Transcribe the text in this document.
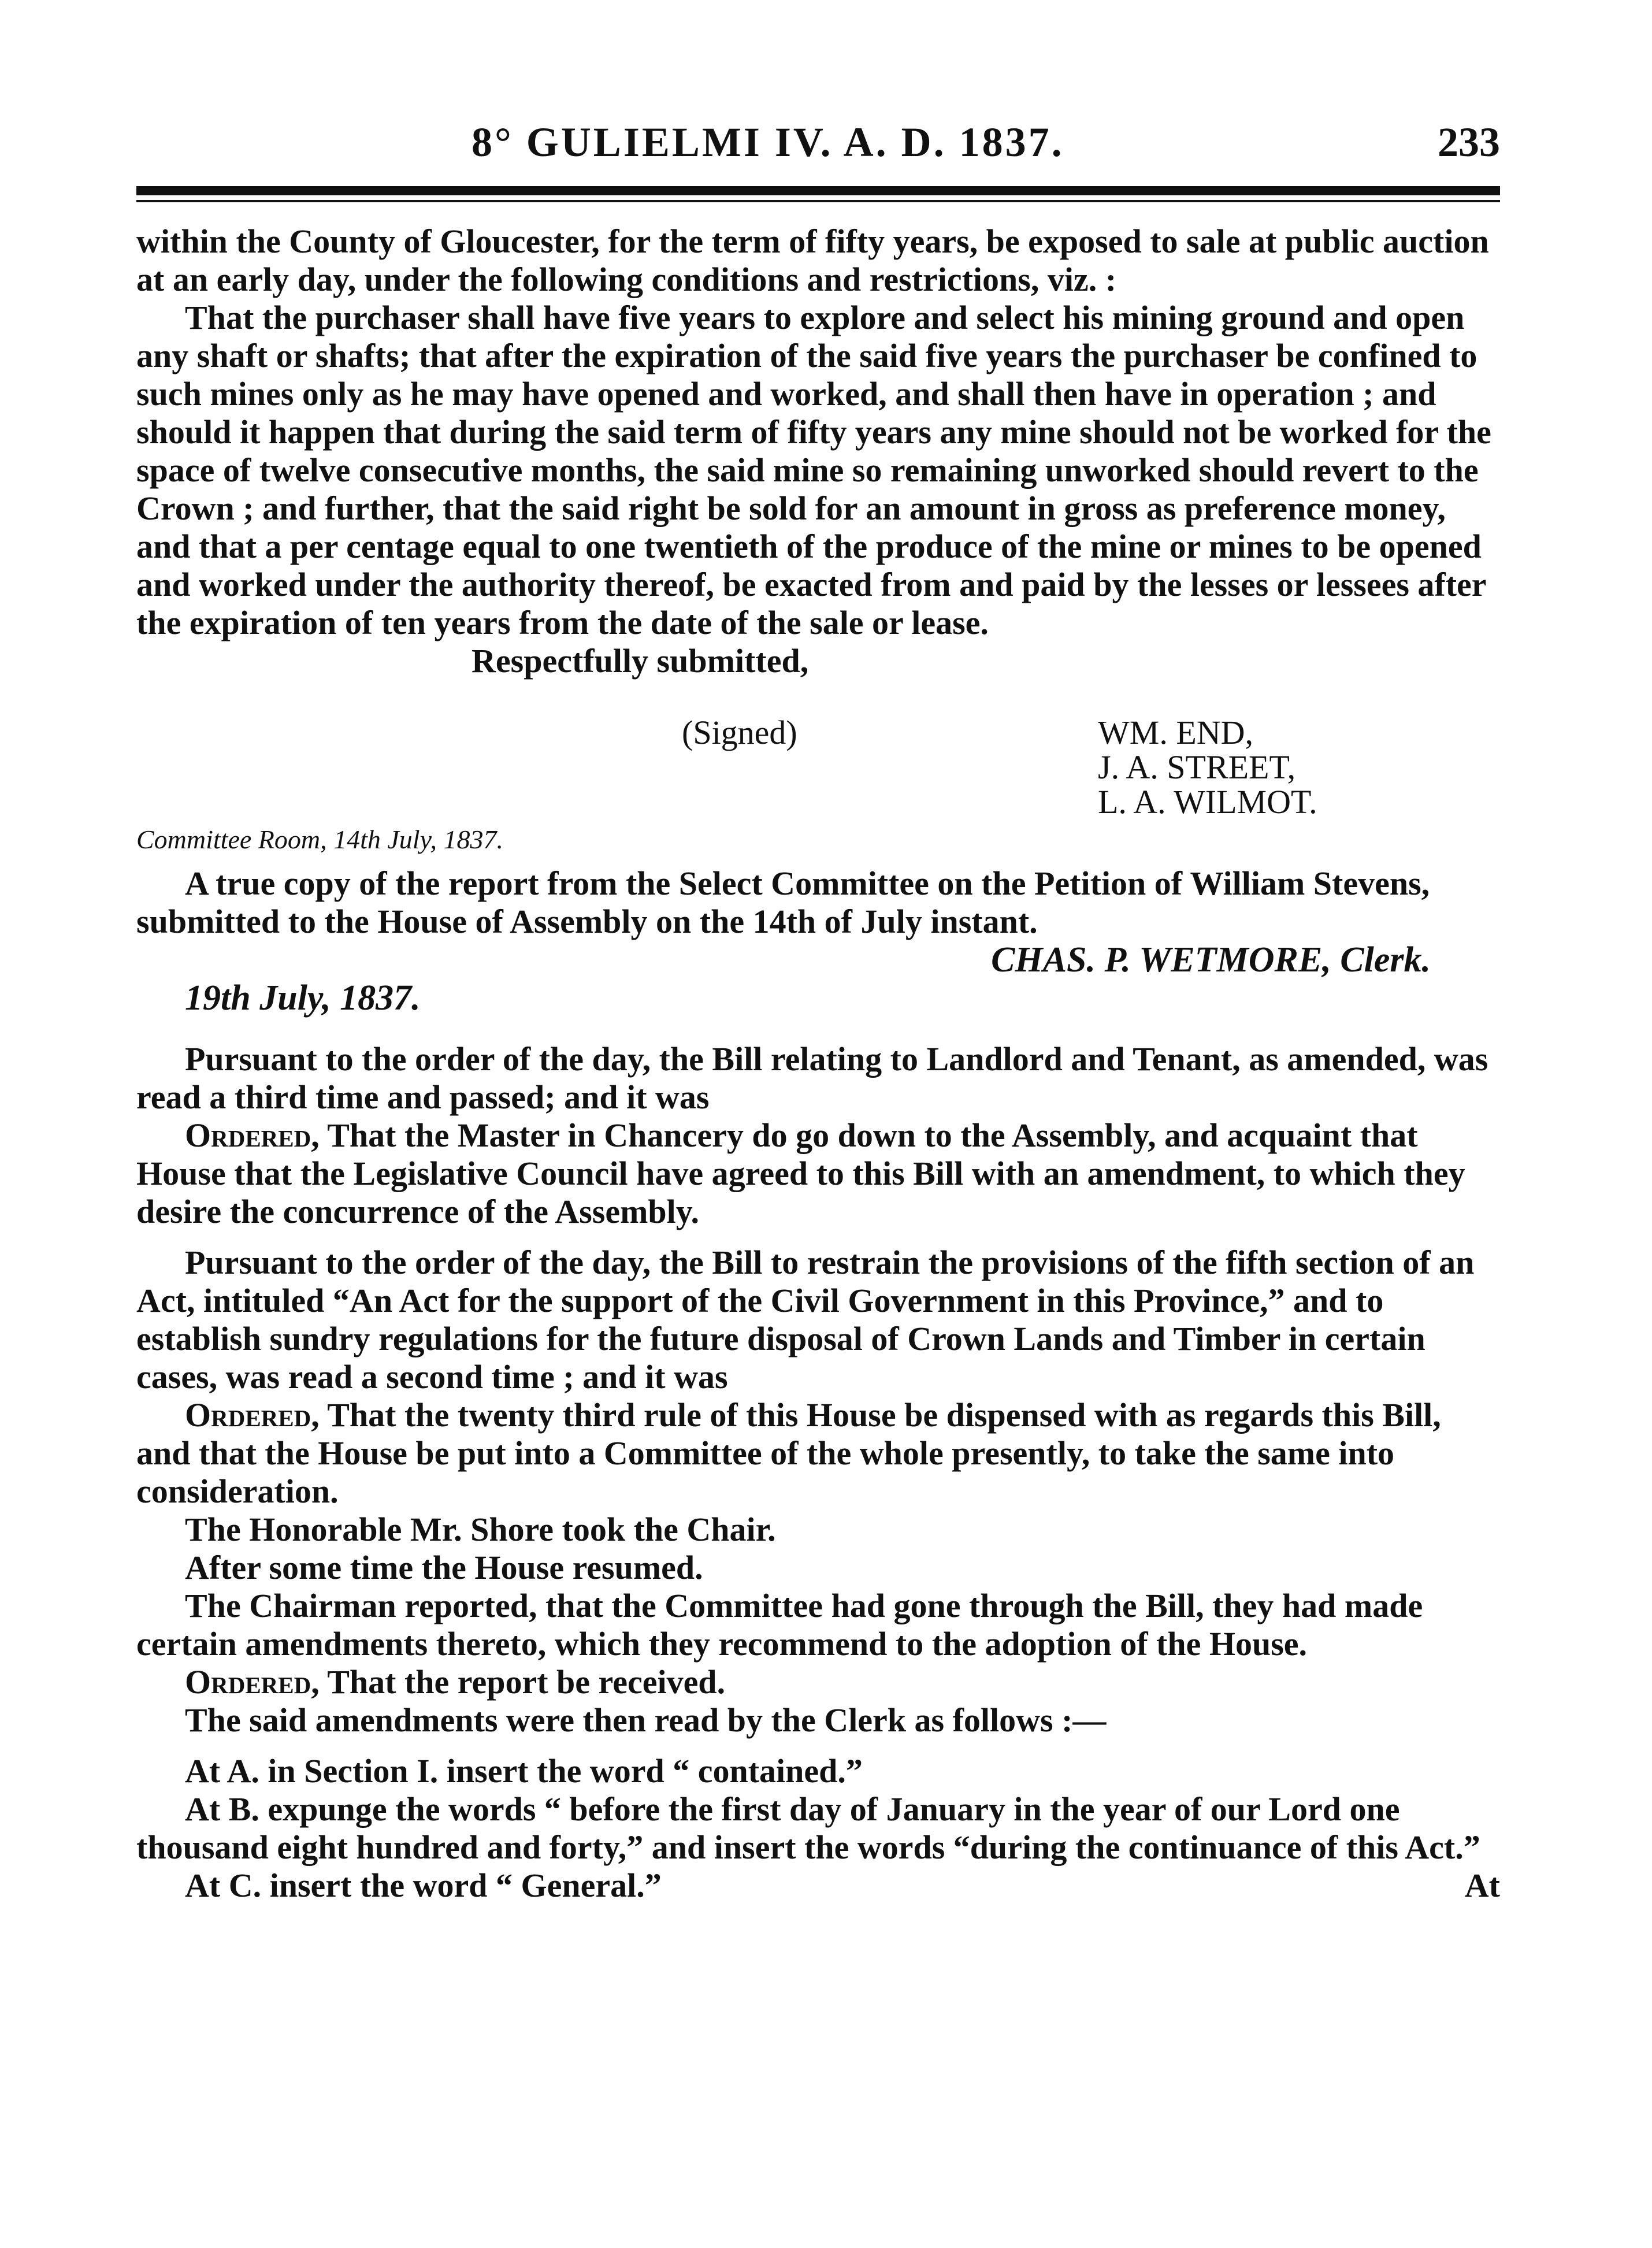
8° GULIELMI IV. A. D. 1837.	233

within the County of Gloucester, for the term of fifty years, be exposed to sale at public auction at an early day, under the following conditions and restrictions, viz. :

That the purchaser shall have five years to explore and select his mining ground and open any shaft or shafts; that after the expiration of the said five years the purchaser be confined to such mines only as he may have opened and worked, and shall then have in operation ; and should it happen that during the said term of fifty years any mine should not be worked for the space of twelve consecutive months, the said mine so remaining unworked should revert to the Crown ; and further, that the said right be sold for an amount in gross as preference money, and that a per centage equal to one twentieth of the produce of the mine or mines to be opened and worked under the authority thereof, be exacted from and paid by the lesses or lessees after the expiration of ten years from the date of the sale or lease.

Respectfully submitted,

(Signed)	WM. END,
J. A. STREET,
L. A. WILMOT.

Committee Room, 14th July, 1837.

A true copy of the report from the Select Committee on the Petition of William Stevens, submitted to the House of Assembly on the 14th of July instant.

CHAS. P. WETMORE, Clerk.

19th July, 1837.

Pursuant to the order of the day, the Bill relating to Landlord and Tenant, as amended, was read a third time and passed; and it was

Ordered, That the Master in Chancery do go down to the Assembly, and acquaint that House that the Legislative Council have agreed to this Bill with an amendment, to which they desire the concurrence of the Assembly.

Pursuant to the order of the day, the Bill to restrain the provisions of the fifth section of an Act, intituled “An Act for the support of the Civil Government in this Province,” and to establish sundry regulations for the future disposal of Crown Lands and Timber in certain cases, was read a second time ; and it was

Ordered, That the twenty third rule of this House be dispensed with as regards this Bill, and that the House be put into a Committee of the whole presently, to take the same into consideration.

The Honorable Mr. Shore took the Chair.

After some time the House resumed.

The Chairman reported, that the Committee had gone through the Bill, they had made certain amendments thereto, which they recommend to the adoption of the House.

Ordered, That the report be received.

The said amendments were then read by the Clerk as follows :—

At A. in Section I. insert the word “ contained.”

At B. expunge the words “ before the first day of January in the year of our Lord one thousand eight hundred and forty,” and insert the words “during the continuance of this Act.”

At C. insert the word “ General.”	At
